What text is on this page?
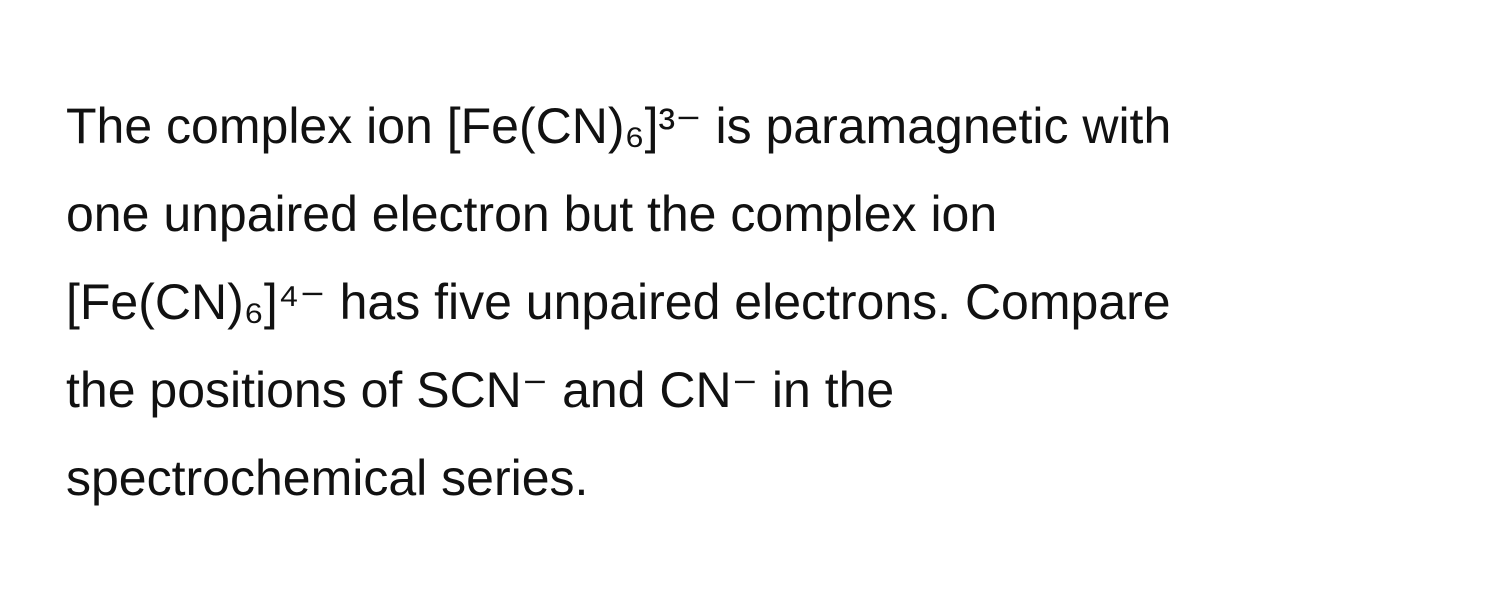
The complex ion [Fe(CN)₆]³⁻ is paramagnetic with
one unpaired electron but the complex ion
[Fe(CN)₆]⁴⁻ has five unpaired electrons. Compare
the positions of SCN⁻ and CN⁻ in the
spectrochemical series.
